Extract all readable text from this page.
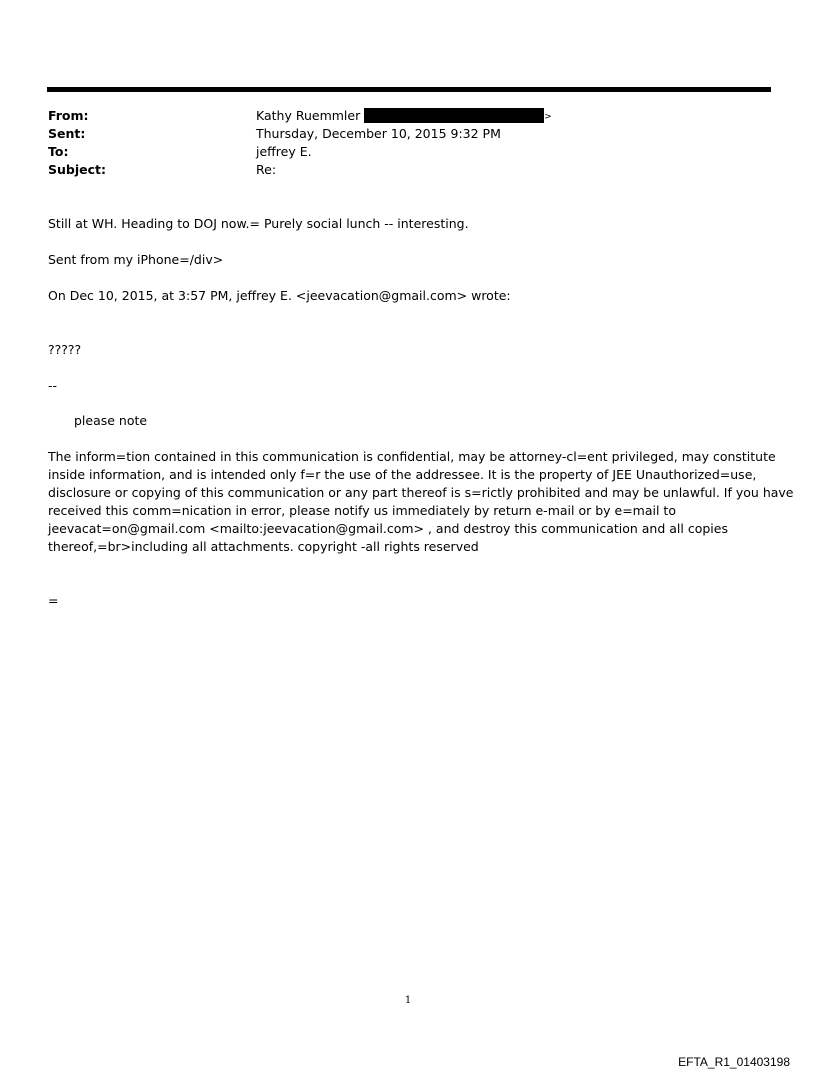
From:	Kathy Ruemmler	>
Sent:	Thursday, December 10, 2015 9:32 PM
To:	jeffrey E.
Subject:	Re:
Still at WH. Heading to DOJ now.= Purely social lunch -- interesting.
Sent from my iPhone=/div>
On Dec 10, 2015, at 3:57 PM, jeffrey E. <jeevacation@gmail.com> wrote:
?????
--
please note
The inform=tion contained in this communication is confidential, may be attorney-cl=ent privileged, may constitute
inside information, and is intended only f=r the use of the addressee. It is the property of JEE Unauthorized=use,
disclosure or copying of this communication or any part thereof is s=rictly prohibited and may be unlawful. If you have
received this comm=nication in error, please notify us immediately by return e-mail or by e=mail to
jeevacat=on@gmail.com <mailto:jeevacation@gmail.com> , and destroy this communication and all copies
thereof,=br>including all attachments. copyright -all rights reserved
=
1
EFTA_R1_01403198
